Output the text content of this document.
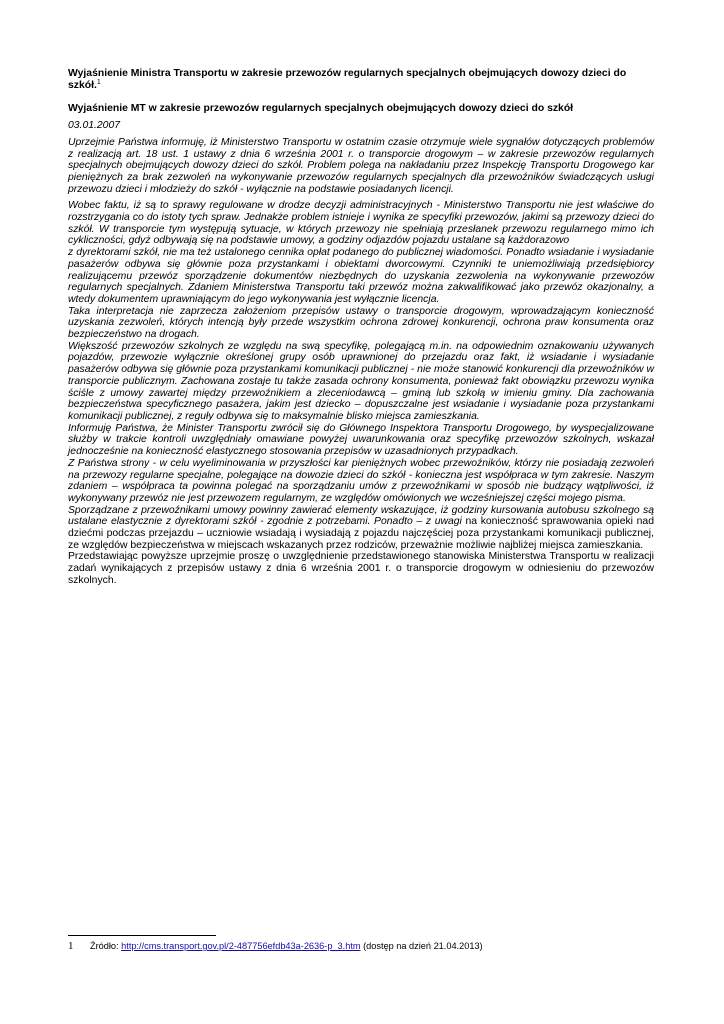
Wyjaśnienie Ministra Transportu w zakresie przewozów regularnych specjalnych obejmujących dowozy dzieci do szkół.$^1$

Wyjaśnienie MT w zakresie przewozów regularnych specjalnych obejmujących dowozy dzieci do szkół

03.01.2007

Uprzejmie Państwa informuję, iż Ministerstwo Transportu w ostatnim czasie otrzymuje wiele sygnałów dotyczących problemów z realizacją art. 18 ust. 1 ustawy z dnia 6 września 2001 r. o transporcie drogowym – w zakresie przewozów regularnych specjalnych obejmujących dowozy dzieci do szkół. Problem polega na nakładaniu przez Inspekcję Transportu Drogowego kar pieniężnych za brak zezwoleń na wykonywanie przewozów regularnych specjalnych dla przewoźników świadczących usługi przewozu dzieci i młodzieży do szkół - wyłącznie na podstawie posiadanych licencji.

Wobec faktu, iż są to sprawy regulowane w drodze decyzji administracyjnych - Ministerstwo Transportu nie jest właściwe do rozstrzygania co do istoty tych spraw. Jednakże problem istnieje i wynika ze specyfiki przewozów, jakimi są przewozy dzieci do szkół. W transporcie tym występują sytuacje, w których przewozy nie spełniają przesłanek przewozu regularnego mimo ich cykliczności, gdyż odbywają się na podstawie umowy, a godziny odjazdów pojazdu ustalane są każdorazowo

z dyrektorami szkół, nie ma też ustalonego cennika opłat podanego do publicznej wiadomości. Ponadto wsiadanie i wysiadanie pasażerów odbywa się głównie poza przystankami i obiektami dworcowymi. Czynniki te uniemożliwiają przedsiębiorcy realizującemu przewóz sporządzenie dokumentów niezbędnych do uzyskania zezwolenia na wykonywanie przewozów regularnych specjalnych. Zdaniem Ministerstwa Transportu taki przewóz można zakwalifikować jako przewóz okazjonalny, a wtedy dokumentem uprawniającym do jego wykonywania jest wyłącznie licencja.

Taka interpretacja nie zaprzecza założeniom przepisów ustawy o transporcie drogowym, wprowadzającym konieczność uzyskania zezwoleń, których intencją były przede wszystkim ochrona zdrowej konkurencji, ochrona praw konsumenta oraz bezpieczeństwo na drogach.

Większość przewozów szkolnych ze względu na swą specyfikę, polegającą m.in. na odpowiednim oznakowaniu używanych pojazdów, przewozie wyłącznie określonej grupy osób uprawnionej do przejazdu oraz fakt, iż wsiadanie i wysiadanie pasażerów odbywa się głównie poza przystankami komunikacji publicznej - nie może stanowić konkurencji dla przewoźników w transporcie publicznym. Zachowana zostaje tu także zasada ochrony konsumenta, ponieważ fakt obowiązku przewozu wynika ściśle z umowy zawartej między przewoźnikiem a zleceniodawcą – gminą lub szkołą w imieniu gminy. Dla zachowania bezpieczeństwa specyficznego pasażera, jakim jest dziecko – dopuszczalne jest wsiadanie i wysiadanie poza przystankami komunikacji publicznej, z reguły odbywa się to maksymalnie blisko miejsca zamieszkania.

Informuję Państwa, że Minister Transportu zwrócił się do Głównego Inspektora Transportu Drogowego, by wyspecjalizowane służby w trakcie kontroli uwzględniały omawiane powyżej uwarunkowania oraz specyfikę przewozów szkolnych, wskazał jednocześnie na konieczność elastycznego stosowania przepisów w uzasadnionych przypadkach.

Z Państwa strony - w celu wyeliminowania w przyszłości kar pieniężnych wobec przewoźników, którzy nie posiadają zezwoleń na przewozy regularne specjalne, polegające na dowozie dzieci do szkół - konieczna jest współpraca w tym zakresie. Naszym zdaniem – współpraca ta powinna polegać na sporządzaniu umów z przewoźnikami w sposób nie budzący wątpliwości, iż wykonywany przewóz nie jest przewozem regularnym, ze względów omówionych we wcześniejszej części mojego pisma.

Sporządzane z przewoźnikami umowy powinny zawierać elementy wskazujące, iż godziny kursowania autobusu szkolnego są ustalane elastycznie z dyrektorami szkół - zgodnie z potrzebami. Ponadto – z uwagi na konieczność sprawowania opieki nad dziećmi podczas przejazdu – uczniowie wsiadają i wysiadają z pojazdu najczęściej poza przystankami komunikacji publicznej, ze względów bezpieczeństwa w miejscach wskazanych przez rodziców, przeważnie możliwie najbliżej miejsca zamieszkania.

Przedstawiając powyższe uprzejmie proszę o uwzględnienie przedstawionego stanowiska Ministerstwa Transportu w realizacji zadań wynikających z przepisów ustawy z dnia 6 września 2001 r. o transporcie drogowym w odniesieniu do przewozów szkolnych.

1 Źródło: http://cms.transport.gov.pl/2-487756efdb43a-2636-p_3.htm (dostęp na dzień 21.04.2013)
